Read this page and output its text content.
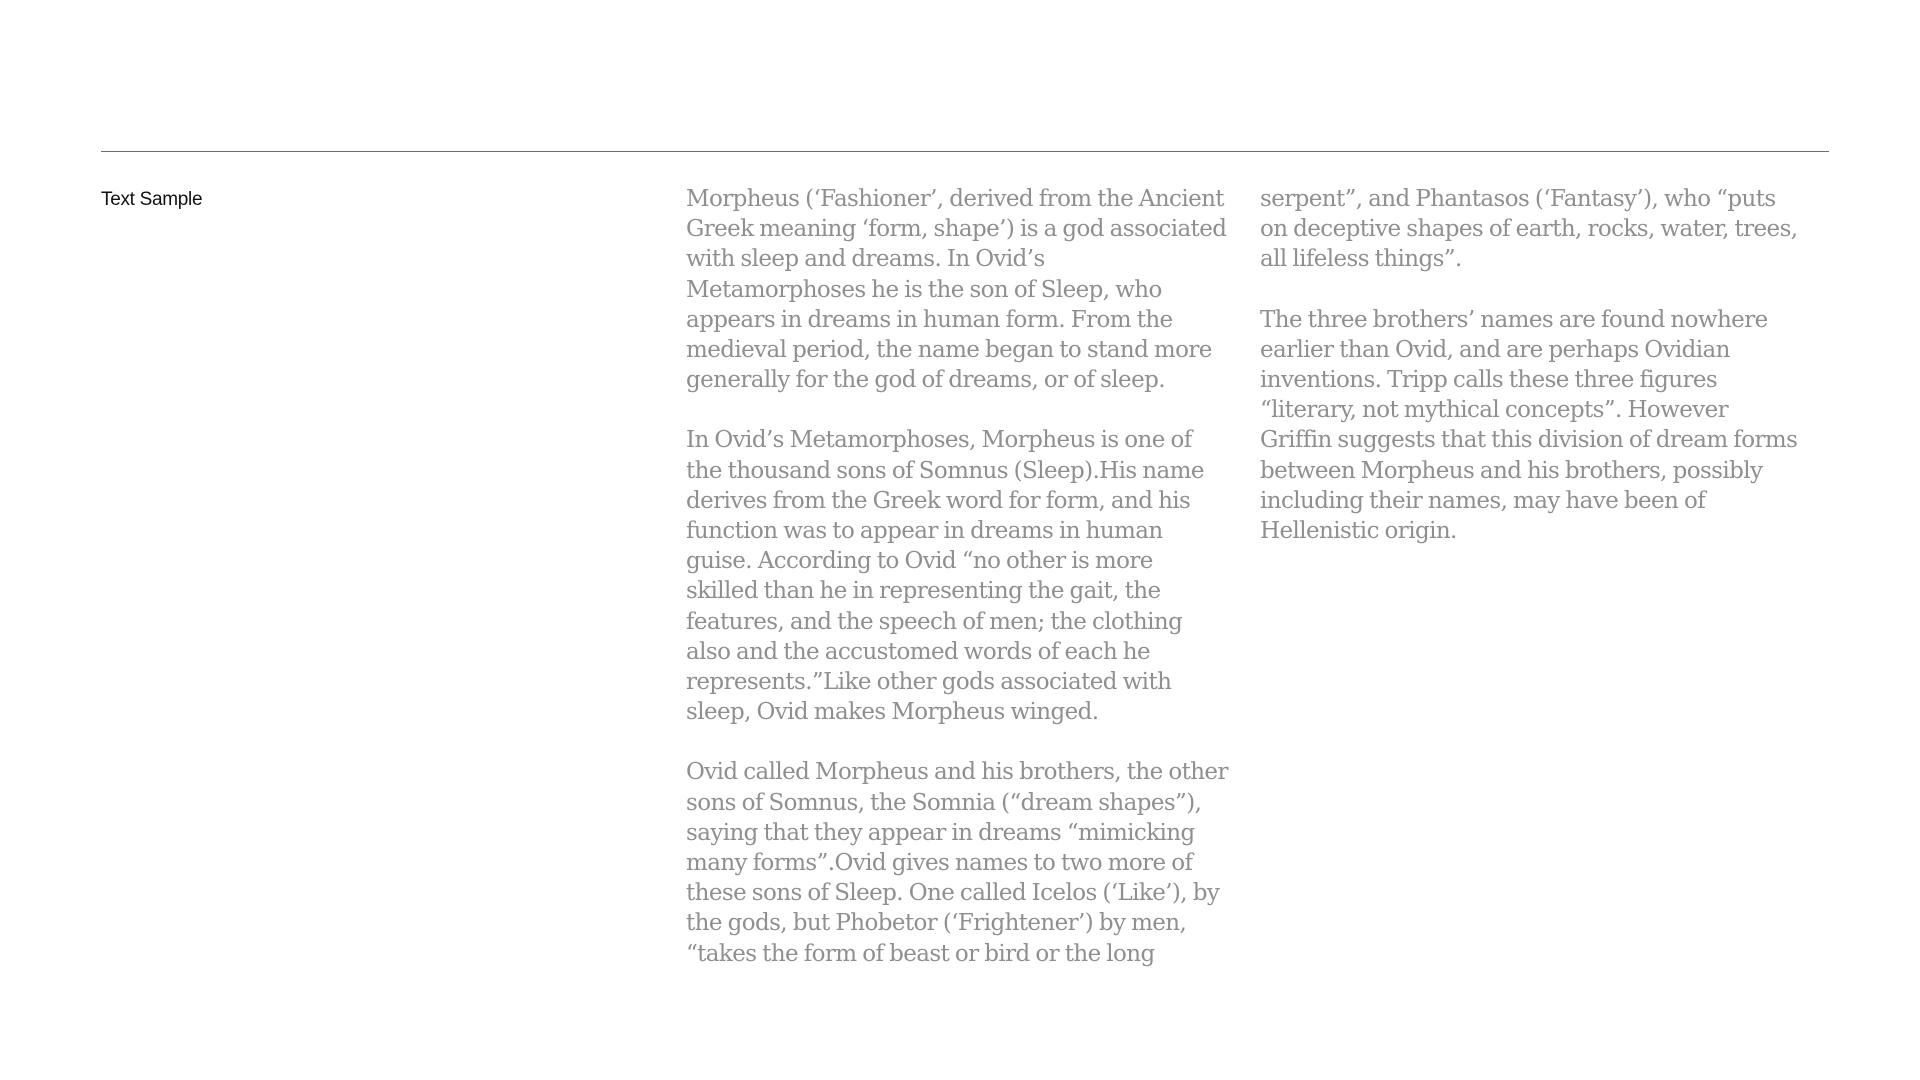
Text Sample	Morpheus (‘Fashioner’, derived from the Ancient Greek meaning ‘form, shape’) is a god associated with sleep and dreams. In Ovid’s Metamorphoses he is the son of Sleep, who appears in dreams in human form. From the medieval period, the name began to stand more generally for the god of dreams, or of sleep.

In Ovid’s Metamorphoses, Morpheus is one of the thousand sons of Somnus (Sleep).His name derives from the Greek word for form, and his function was to appear in dreams in human guise. According to Ovid “no other is more skilled than he in representing the gait, the features, and the speech of men; the clothing also and the accustomed words of each he represents.”Like other gods associated with sleep, Ovid makes Morpheus winged.

Ovid called Morpheus and his brothers, the other sons of Somnus, the Somnia (“dream shapes”), saying that they appear in dreams “mimicking many forms”.Ovid gives names to two more of these sons of Sleep. One called Icelos (‘Like’), by the gods, but Phobetor (‘Frightener’) by men, “takes the form of beast or bird or the long serpent”, and Phantasos (‘Fantasy’), who “puts on deceptive shapes of earth, rocks, water, trees, all lifeless things”.

The three brothers’ names are found nowhere earlier than Ovid, and are perhaps Ovidian inventions. Tripp calls these three figures “literary, not mythical concepts”. However Griffin suggests that this division of dream forms between Morpheus and his brothers, possibly including their names, may have been of Hellenistic origin.
